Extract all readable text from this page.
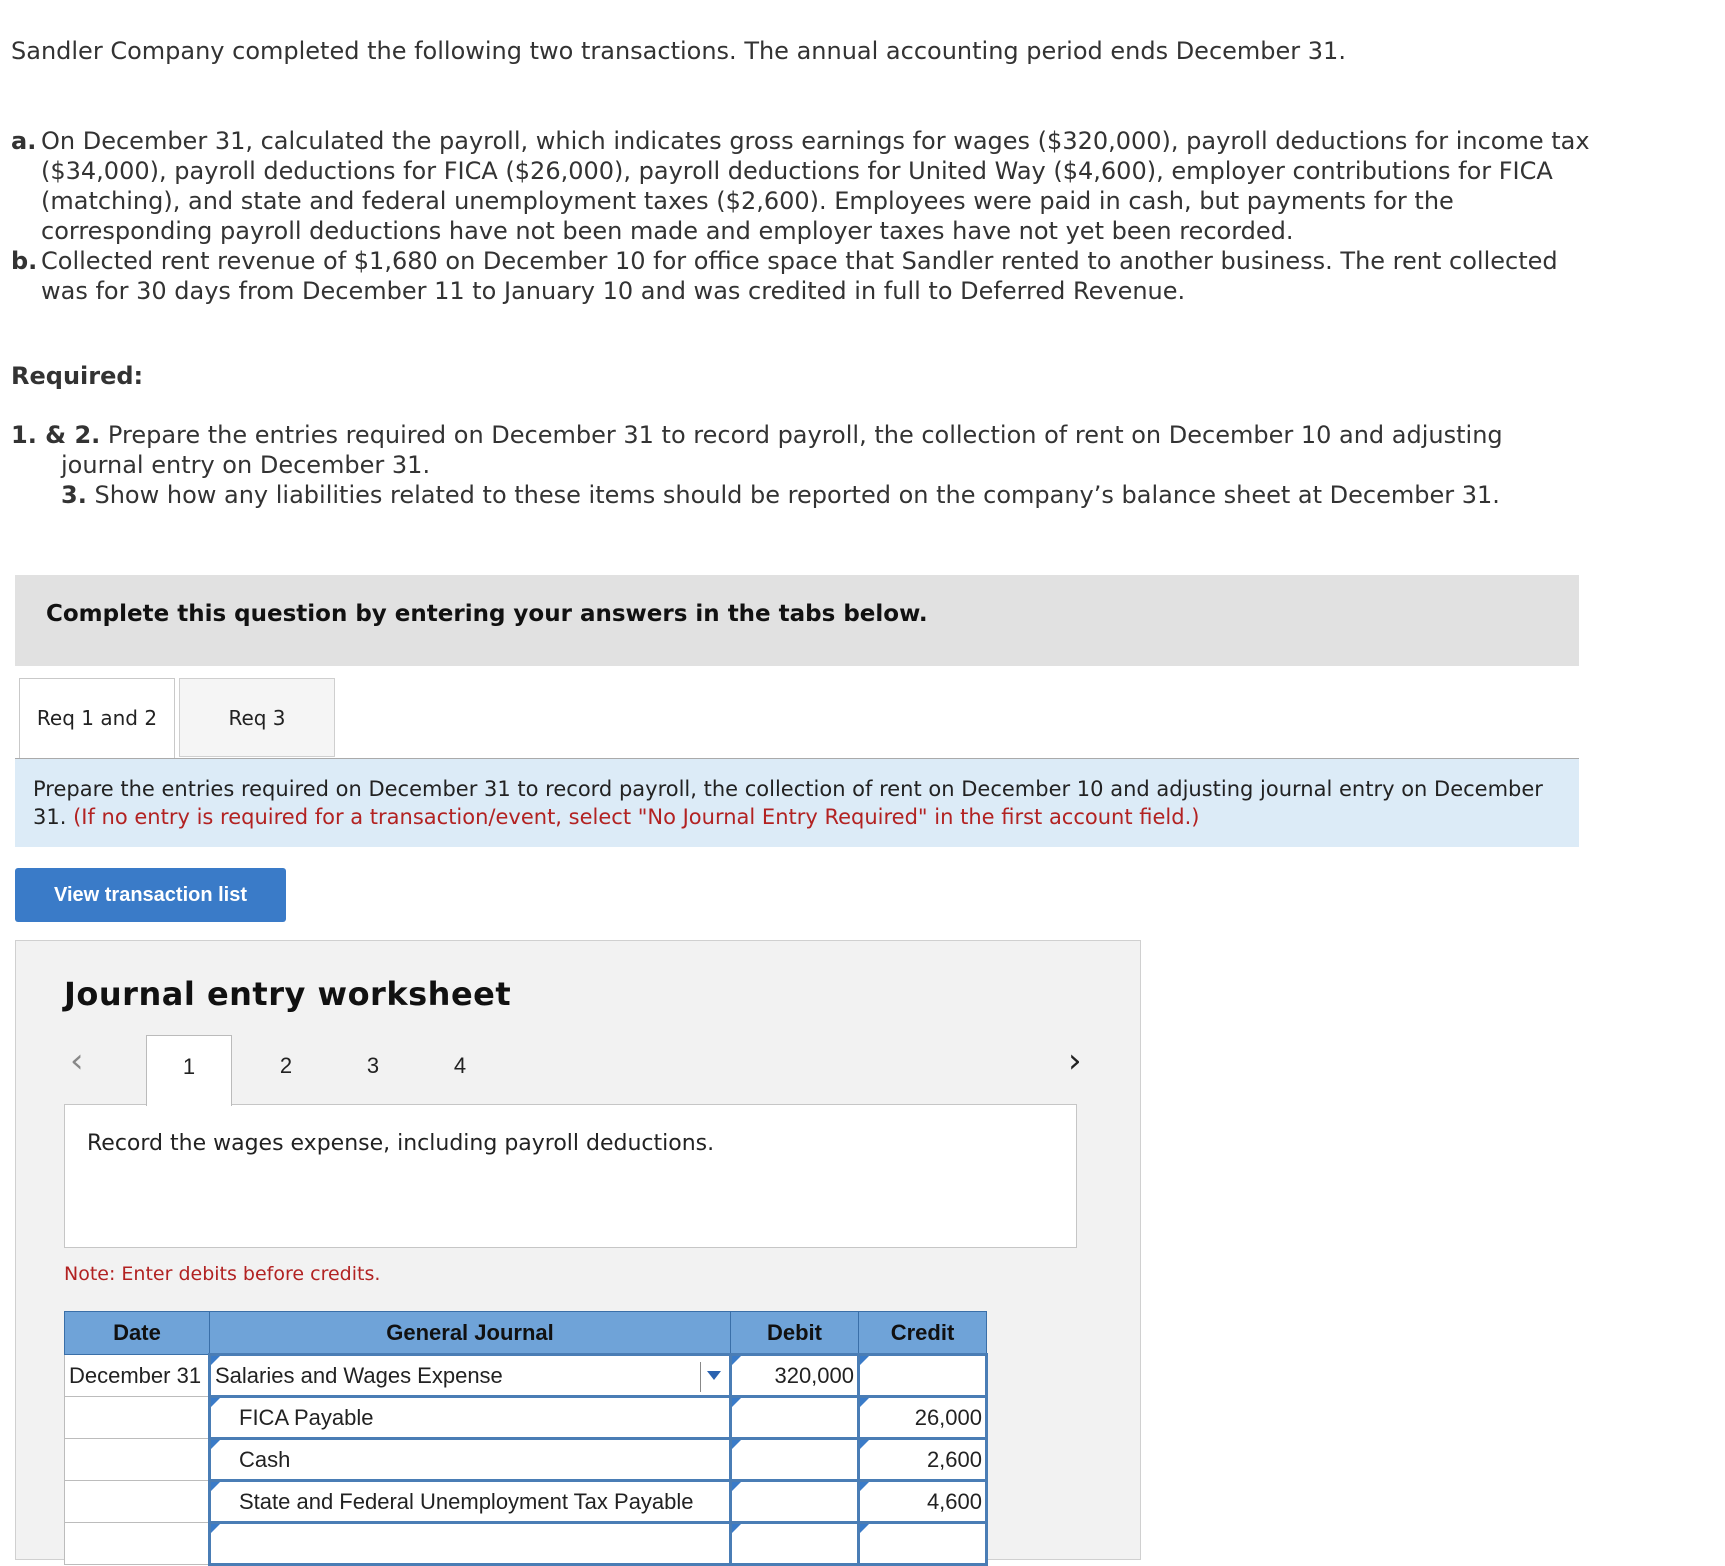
Sandler Company completed the following two transactions. The annual accounting period ends December 31.
a. On December 31, calculated the payroll, which indicates gross earnings for wages ($320,000), payroll deductions for income tax ($34,000), payroll deductions for FICA ($26,000), payroll deductions for United Way ($4,600), employer contributions for FICA (matching), and state and federal unemployment taxes ($2,600). Employees were paid in cash, but payments for the corresponding payroll deductions have not been made and employer taxes have not yet been recorded.
b. Collected rent revenue of $1,680 on December 10 for office space that Sandler rented to another business. The rent collected was for 30 days from December 11 to January 10 and was credited in full to Deferred Revenue.
Required:
1. & 2. Prepare the entries required on December 31 to record payroll, the collection of rent on December 10 and adjusting journal entry on December 31.
3. Show how any liabilities related to these items should be reported on the company’s balance sheet at December 31.
Complete this question by entering your answers in the tabs below.
Req 1 and 2	Req 3
Prepare the entries required on December 31 to record payroll, the collection of rent on December 10 and adjusting journal entry on December 31. (If no entry is required for a transaction/event, select "No Journal Entry Required" in the first account field.)
View transaction list
Journal entry worksheet
‹	1	2	3	4	›
Record the wages expense, including payroll deductions.
Note: Enter debits before credits.
Date	General Journal	Debit	Credit
December 31	Salaries and Wages Expense	320,000	

	FICA Payable		26,000

	Cash		2,600

	State and Federal Unemployment Tax Payable		4,600
